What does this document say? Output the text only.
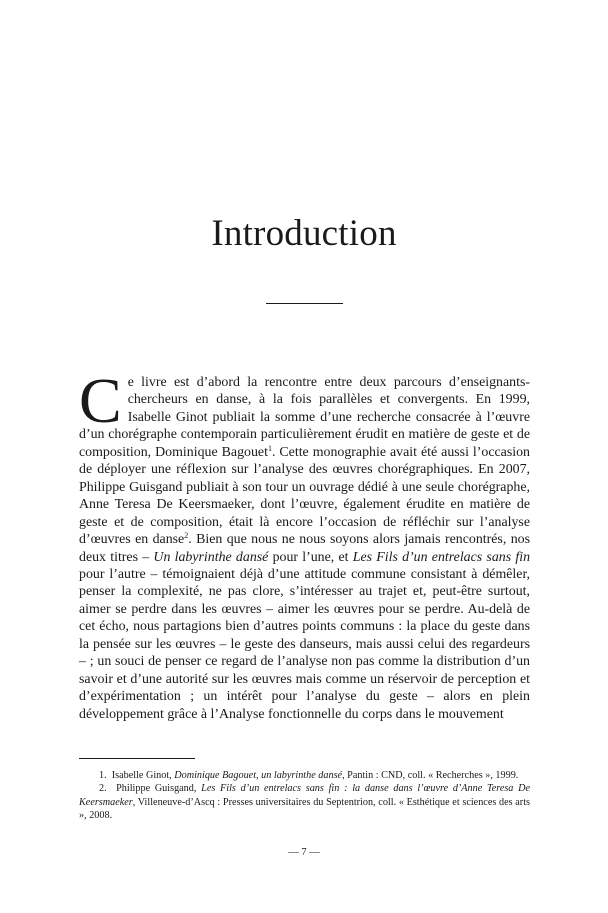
Introduction

Ce livre est d’abord la rencontre entre deux parcours d’enseignants-chercheurs en danse, à la fois parallèles et convergents. En 1999, Isabelle Ginot publiait la somme d’une recherche consacrée à l’œuvre d’un chorégraphe contemporain particulièrement érudit en matière de geste et de composition, Dominique Bagouet$^1$. Cette monographie avait été aussi l’occasion de déployer une réflexion sur l’analyse des œuvres chorégraphiques. En 2007, Philippe Guisgand publiait à son tour un ouvrage dédié à une seule chorégraphe, Anne Teresa De Keersmaeker, dont l’œuvre, également érudite en matière de geste et de composition, était là encore l’occasion de réfléchir sur l’analyse d’œuvres en danse$^2$. Bien que nous ne nous soyons alors jamais rencontrés, nos deux titres – Un labyrinthe dansé pour l’une, et Les Fils d’un entrelacs sans fin pour l’autre – témoignaient déjà d’une attitude commune consistant à démêler, penser la complexité, ne pas clore, s’intéresser au trajet et, peut-être surtout, aimer se perdre dans les œuvres – aimer les œuvres pour se perdre. Au-delà de cet écho, nous partagions bien d’autres points communs : la place du geste dans la pensée sur les œuvres – le geste des danseurs, mais aussi celui des regardeurs – ; un souci de penser ce regard de l’analyse non pas comme la distribution d’un savoir et d’une autorité sur les œuvres mais comme un réservoir de perception et d’expérimentation ; un intérêt pour l’analyse du geste – alors en plein développement grâce à l’Analyse fonctionnelle du corps dans le mouvement

1. Isabelle Ginot, Dominique Bagouet, un labyrinthe dansé, Pantin : CND, coll. « Recherches », 1999.

2. Philippe Guisgand, Les Fils d’un entrelacs sans fin : la danse dans l’œuvre d’Anne Teresa De Keersmaeker, Villeneuve-d’Ascq : Presses universitaires du Septentrion, coll. « Esthétique et sciences des arts », 2008.

— 7 —
